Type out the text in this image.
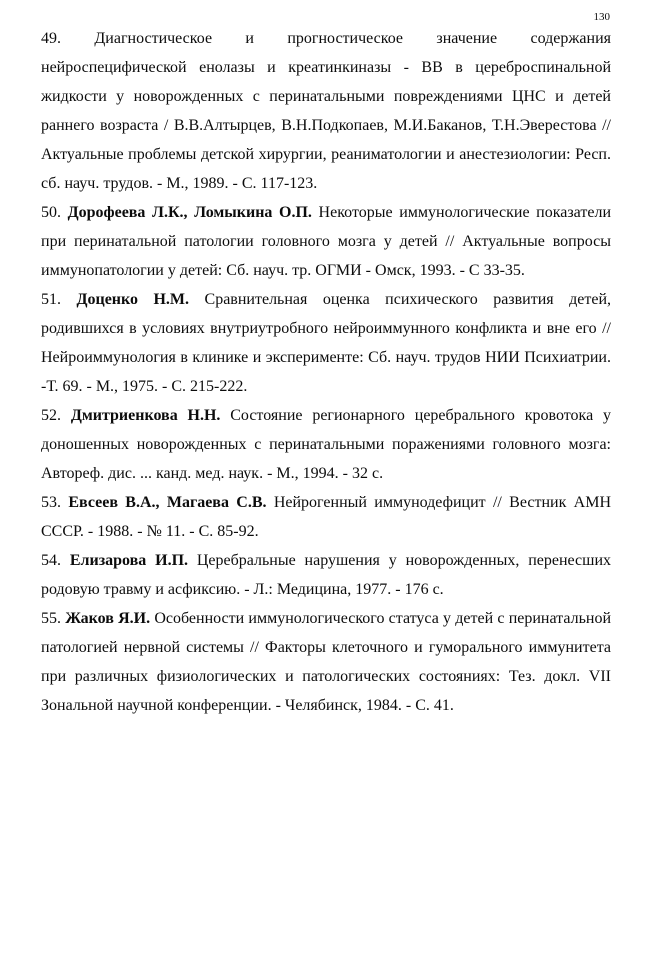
130

49. Диагностическое и прогностическое значение содержания нейроспецифической енолазы и креатинкиназы - ВВ в цереброспинальной жидкости у новорожденных с перинатальными повреждениями ЦНС и детей раннего возраста / В.В.Алтырцев, В.Н.Подкопаев, М.И.Баканов, Т.Н.Эверестова // Актуальные проблемы детской хирургии, реаниматологии и анестезиологии: Респ. сб. науч. трудов. - М., 1989. - С. 117-123.

50. Дорофеева Л.К., Ломыкина О.П. Некоторые иммунологические показатели при перинатальной патологии головного мозга у детей // Актуальные вопросы иммунопатологии у детей: Сб. науч. тр. ОГМИ - Омск, 1993. - С 33-35.

51. Доценко Н.М. Сравнительная оценка психического развития детей, родившихся в условиях внутриутробного нейроиммунного конфликта и вне его // Нейроиммунология в клинике и эксперименте: Сб. науч. трудов НИИ Психиатрии. -Т. 69. - М., 1975. - С. 215-222.

52. Дмитриенкова Н.Н. Состояние регионарного церебрального кровотока у доношенных новорожденных с перинатальными поражениями головного мозга: Автореф. дис. ... канд. мед. наук. - М., 1994. - 32 с.

53. Евсеев В.А., Магаева С.В. Нейрогенный иммунодефицит // Вестник АМН СССР. - 1988. - № 11. - С. 85-92.

54. Елизарова И.П. Церебральные нарушения у новорожденных, перенесших родовую травму и асфиксию. - Л.: Медицина, 1977. - 176 с.

55. Жаков Я.И. Особенности иммунологического статуса у детей с перинатальной патологией нервной системы // Факторы клеточного и гуморального иммунитета при различных физиологических и патологических состояниях: Тез. докл. VII Зональной научной конференции. - Челябинск, 1984. - С. 41.
